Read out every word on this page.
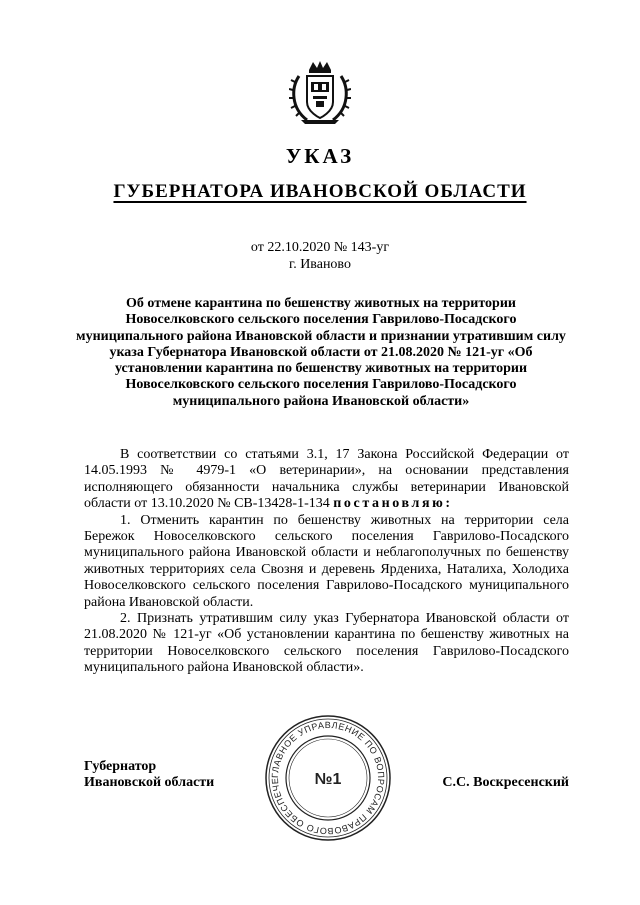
УКАЗ
ГУБЕРНАТОРА ИВАНОВСКОЙ ОБЛАСТИ
от 22.10.2020 № 143-уг
г. Иваново
Об отмене карантина по бешенству животных на территории Новоселковского сельского поселения Гаврилово-Посадского муниципального района Ивановской области и признании утратившим силу указа Губернатора Ивановской области от 21.08.2020 № 121-уг «Об установлении карантина по бешенству животных на территории Новоселковского сельского поселения Гаврилово-Посадского муниципального района Ивановской области»

В соответствии со статьями 3.1, 17 Закона Российской Федерации от 14.05.1993 № 4979-1 «О ветеринарии», на основании представления исполняющего обязанности начальника службы ветеринарии Ивановской области от 13.10.2020 № СВ-13428-1-134 постановляю:

1. Отменить карантин по бешенству животных на территории села Бережок Новоселковского сельского поселения Гаврилово-Посадского муниципального района Ивановской области и неблагополучных по бешенству животных территориях села Свозня и деревень Ярдениха, Наталиха, Холодиха Новоселковского сельского поселения Гаврилово-Посадского муниципального района Ивановской области.

2. Признать утратившим силу указ Губернатора Ивановской области от 21.08.2020 № 121-уг «Об установлении карантина по бешенству животных на территории Новоселковского сельского поселения Гаврилово-Посадского муниципального района Ивановской области».

Губернатор
Ивановской области	ГЛАВНОЕ УПРАВЛЕНИЕ ПО ВОПРОСАМ ПРАВОВОГО ОБЕСПЕЧЕ	№1	С.С. Воскресенский
